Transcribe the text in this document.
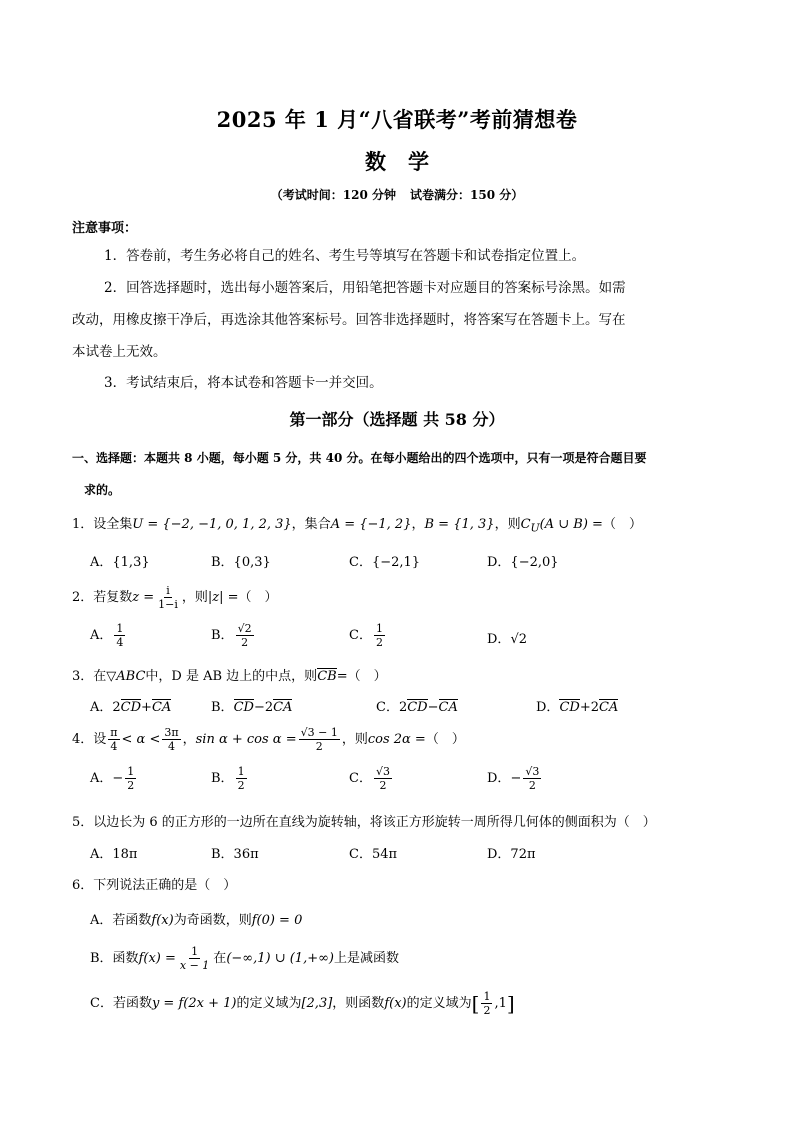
2025 年 1 月“八省联考”考前猜想卷
数学
（考试时间：120 分钟 试卷满分：150 分）
注意事项：
1．答卷前，考生务必将自己的姓名、考生号等填写在答题卡和试卷指定位置上。
2．回答选择题时，选出每小题答案后，用铅笔把答题卡对应题目的答案标号涂黑。如需
改动，用橡皮擦干净后，再选涂其他答案标号。回答非选择题时，将答案写在答题卡上。写在
本试卷上无效。
3．考试结束后，将本试卷和答题卡一并交回。
第一部分（选择题 共 58 分）
一、选择题：本题共 8 小题，每小题 5 分，共 40 分。在每小题给出的四个选项中，只有一项是符合题目要
求的。
1．设全集U = {−2, −1, 0, 1, 2, 3}，集合A = {−1, 2}，B = {1, 3}，则$C_U(A$ ∪ B) =（　）
A．{1,3}	B．{0,3}	C．{−2,1}	D．{−2,0}
2．若复数$z = \frac{i}{1-i}$ ，则|z| =（　）
A． $\frac{1}{4}$	B． $\frac{√2}{2}$	C． $\frac{1}{2}$	D．√2
3．在▽ABC中，D 是 AB 边上的中点，则CB=（　）
A．2CD+CA	B．CD−2CA	C．2CD−CA	D．CD+2CA
4．设 $\frac{\pi}{4} < \alpha < \frac{3\pi}{4}$ ，$\sin \alpha + \cos \alpha = \frac{√3 - 1}{2}$ ，则cos 2α =（　）
A．− $\frac{1}{2}$	B． $\frac{1}{2}$	C． $\frac{√3}{2}$	D．− $\frac{√3}{2}$
5．以边长为 6 的正方形的一边所在直线为旋转轴，将该正方形旋转一周所得几何体的侧面积为（　）
A．18π	B．36π	C．54π	D．72π
6．下列说法正确的是（　）
A．若函数f(x)为奇函数，则f(0) = 0
B．函数$f(x) = \frac{1}{x - 1}$ 在(−∞,1) ∪ (1,+∞)上是减函数
C．若函数y = f(2x + 1)的定义域为[2,3]，则函数f(x)的定义域为[ $\frac{1}{2} ,1$]
